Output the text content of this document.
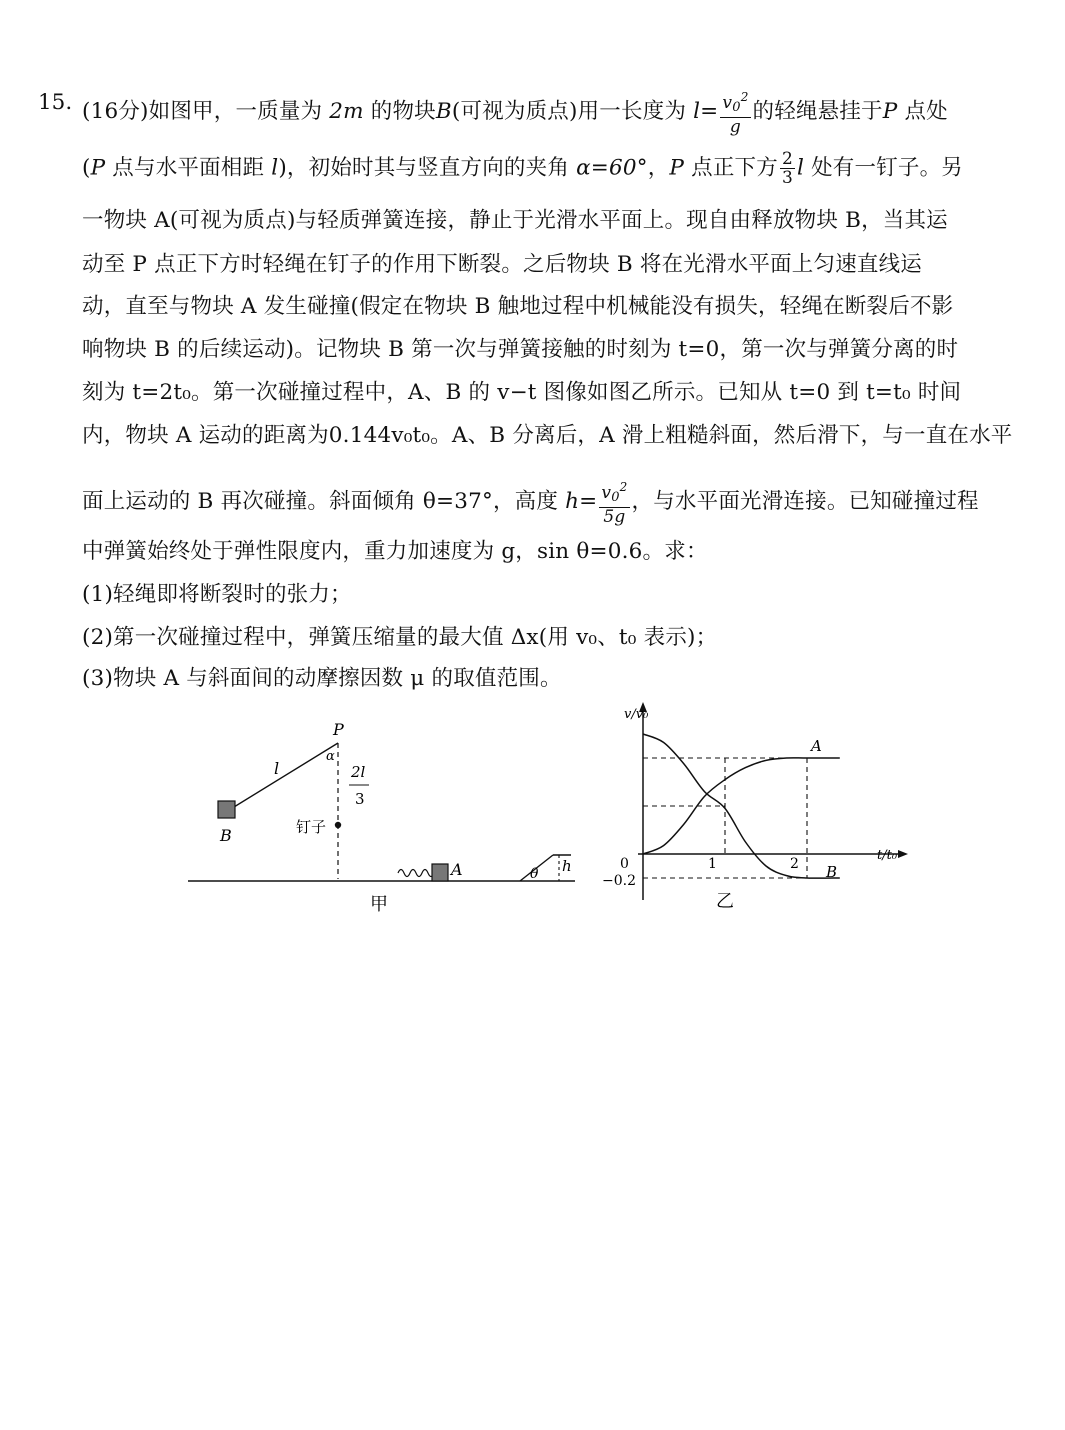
15. (16分)如图甲，一质量为 2m 的物块B(可视为质点)用一长度为 $l= \frac{v_0^2}{g}$ 的轻绳悬挂于P 点处
(P 点与水平面相距 l)，初始时其与竖直方向的夹角 α=60°，P 点正下方 $\frac{2}{3}$ l 处有一钉子。另
一物块 A(可视为质点)与轻质弹簧连接，静止于光滑水平面上。现自由释放物块 B，当其运
动至 P 点正下方时轻绳在钉子的作用下断裂。之后物块 B 将在光滑水平面上匀速直线运
动，直至与物块 A 发生碰撞(假定在物块 B 触地过程中机械能没有损失，轻绳在断裂后不影
响物块 B 的后续运动)。记物块 B 第一次与弹簧接触的时刻为 t=0，第一次与弹簧分离的时
刻为 t=2t₀。第一次碰撞过程中，A、B 的 v−t 图像如图乙所示。已知从 t=0 到 t=t₀ 时间
内，物块 A 运动的距离为0.144v₀t₀。A、B 分离后，A 滑上粗糙斜面，然后滑下，与一直在水平
面上运动的 B 再次碰撞。斜面倾角 θ=37°，高度 $h= \frac{v_0^2}{5g}$ ，与水平面光滑连接。已知碰撞过程
中弹簧始终处于弹性限度内，重力加速度为 g，sin θ=0.6。求：
(1)轻绳即将断裂时的张力；
(2)第一次碰撞过程中，弹簧压缩量的最大值 Δx(用 v₀、t₀ 表示)；
(3)物块 A 与斜面间的动摩擦因数 μ 的取值范围。
P
α
l
B
2l
3
钉子
A	θ h
甲
v/v₀
t/t₀
0	1	2
−0.2
A
B
乙
